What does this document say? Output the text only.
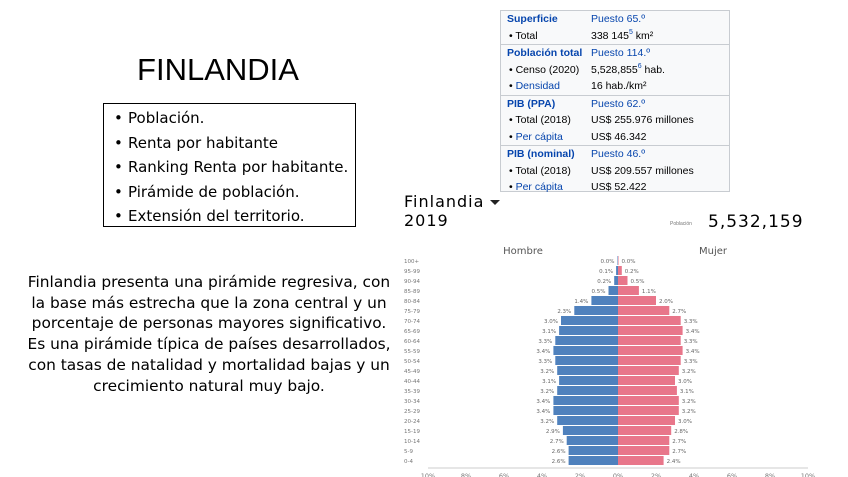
FINLANDIA
• Población.
• Renta por habitante
• Ranking Renta por habitante.
• Pirámide de población.
• Extensión del territorio.
Finlandia presenta una pirámide regresiva, con la base más estrecha que la zona central y un porcentaje de personas mayores significativo. Es una pirámide típica de países desarrollados, con tasas de natalidad y mortalidad bajas y un crecimiento natural muy bajo.
Superficie	Puesto 65.º
• Total	338 $145^5$ km²
Población total Puesto 114.º
• Censo (2020)	5,528,855$^6$ hab.
• Densidad	16 hab./km²
PIB (PPA)	Puesto 62.º
• Total (2018)	US$ 255.976 millones
• Per cápita	US$ 46.342
PIB (nominal)	Puesto 46.º
• Total (2018)	US$ 209.557 millones
• Per cápita	US$ 52.422
Finlandia
2019	Población 5,532,159
Hombre	Mujer
0.0% 0.0%
100+
0.1% 0.2%
95-99
0.2%	0.5%
90-94
0.5%	1.1%
85-89
1.4%	2.0%
80-84
2.3%	2.7%
75-79
3.0%	3.3%
70-74
3.1%	3.4%
65-69
3.3%	3.3%
60-64
3.4%	3.4%
55-59
3.3%	3.3%
50-54
3.2%	3.2%
45-49
3.1%	3.0%
40-44
3.2%	3.1%
35-39
3.4%	3.2%
30-34
3.4%	3.2%
25-29
3.2%	3.0%
20-24
2.9%	2.8%
15-19
2.7%	2.7%
10-14
2.6%	2.7%
5-9
2.6%	2.4%
0-4
10%	8%	6%	4%	2%	0%	2%	4%	6%	8%	10%
